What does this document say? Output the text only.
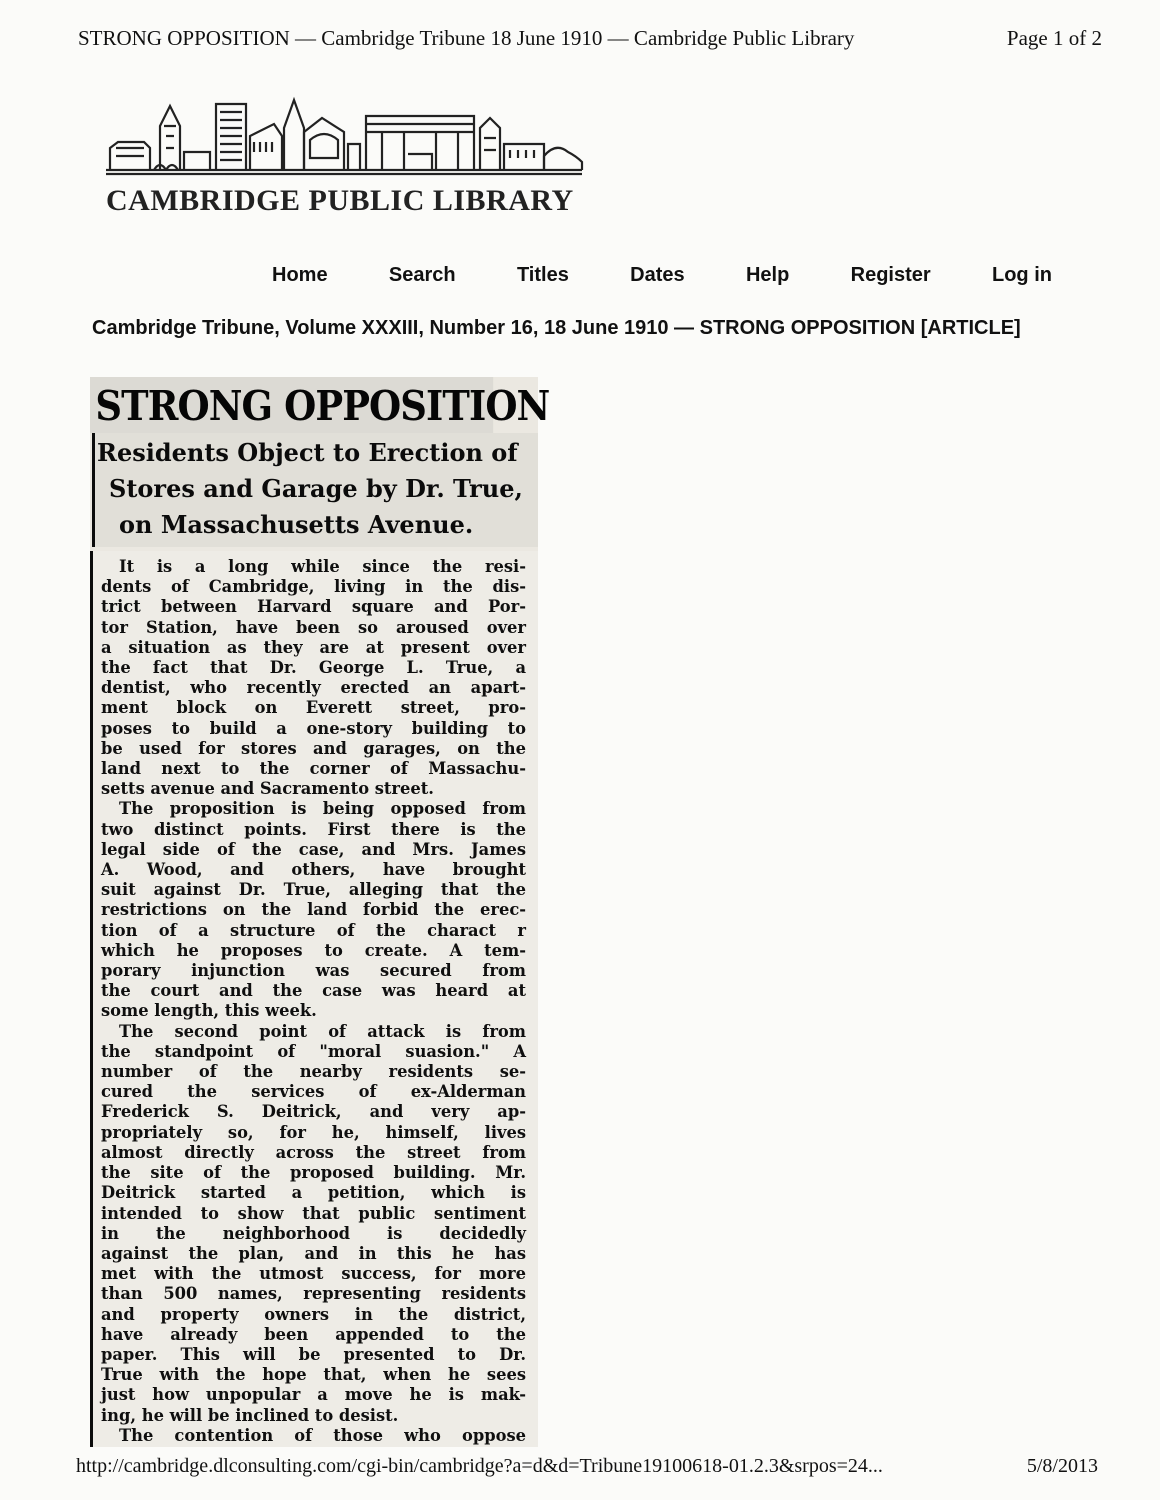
STRONG OPPOSITION — Cambridge Tribune 18 June 1910 — Cambridge Public Library	Page 1 of 2
CAMBRIDGE PUBLIC LIBRARY
Home	Search	Titles	Dates	Help	Register	Log in
Cambridge Tribune, Volume XXXIII, Number 16, 18 June 1910 — STRONG OPPOSITION [ARTICLE]
STRONG OPPOSITION
Residents Object to Erection of
Stores and Garage by Dr. True,
on Massachusetts Avenue.
It is a long while since the resi-
dents of Cambridge, living in the dis-
trict between Harvard square and Por-
tor Station, have been so aroused over
a situation as they are at present over
the fact that Dr. George L. True, a
dentist, who recently erected an apart-
ment block on Everett street, pro-
poses to build a one-story building to
be used for stores and garages, on the
land next to the corner of Massachu-
setts avenue and Sacramento street.
The proposition is being opposed from
two distinct points. First there is the
legal side of the case, and Mrs. James
A. Wood, and others, have brought
suit against Dr. True, alleging that the
restrictions on the land forbid the erec-
tion of a structure of the charact r
which he proposes to create. A tem-
porary injunction was secured from
the court and the case was heard at
some length, this week.
The second point of attack is from
the standpoint of "moral suasion." A
number of the nearby residents se-
cured the services of ex-Alderman
Frederick S. Deitrick, and very ap-
propriately so, for he, himself, lives
almost directly across the street from
the site of the proposed building. Mr.
Deitrick started a petition, which is
intended to show that public sentiment
in the neighborhood is decidedly
against the plan, and in this he has
met with the utmost success, for more
than 500 names, representing residents
and property owners in the district,
have already been appended to the
paper. This will be presented to Dr.
True with the hope that, when he sees
just how unpopular a move he is mak-
ing, he will be inclined to desist.
The contention of those who oppose
http://cambridge.dlconsulting.com/cgi-bin/cambridge?a=d&d=Tribune19100618-01.2.3&srpos=24...	5/8/2013
